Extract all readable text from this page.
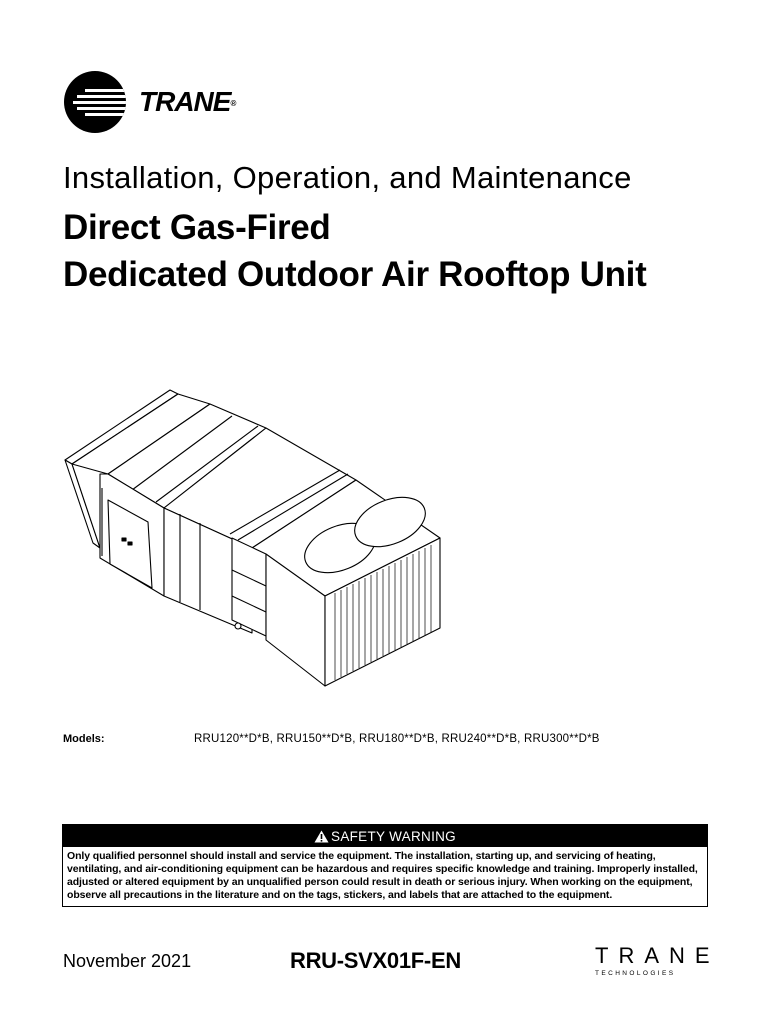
TRANE®
Installation, Operation, and Maintenance
Direct Gas-Fired
Dedicated Outdoor Air Rooftop Unit
Models:	RRU120**D*B, RRU150**D*B, RRU180**D*B, RRU240**D*B, RRU300**D*B
SAFETY WARNING
Only qualified personnel should install and service the equipment. The installation, starting up, and servicing of heating, ventilating, and air-conditioning equipment can be hazardous and requires specific knowledge and training. Improperly installed, adjusted or altered equipment by an unqualified person could result in death or serious injury. When working on the equipment, observe all precautions in the literature and on the tags, stickers, and labels that are attached to the equipment.
November 2021	RRU-SVX01F-EN	TRANE
TECHNOLOGIES
